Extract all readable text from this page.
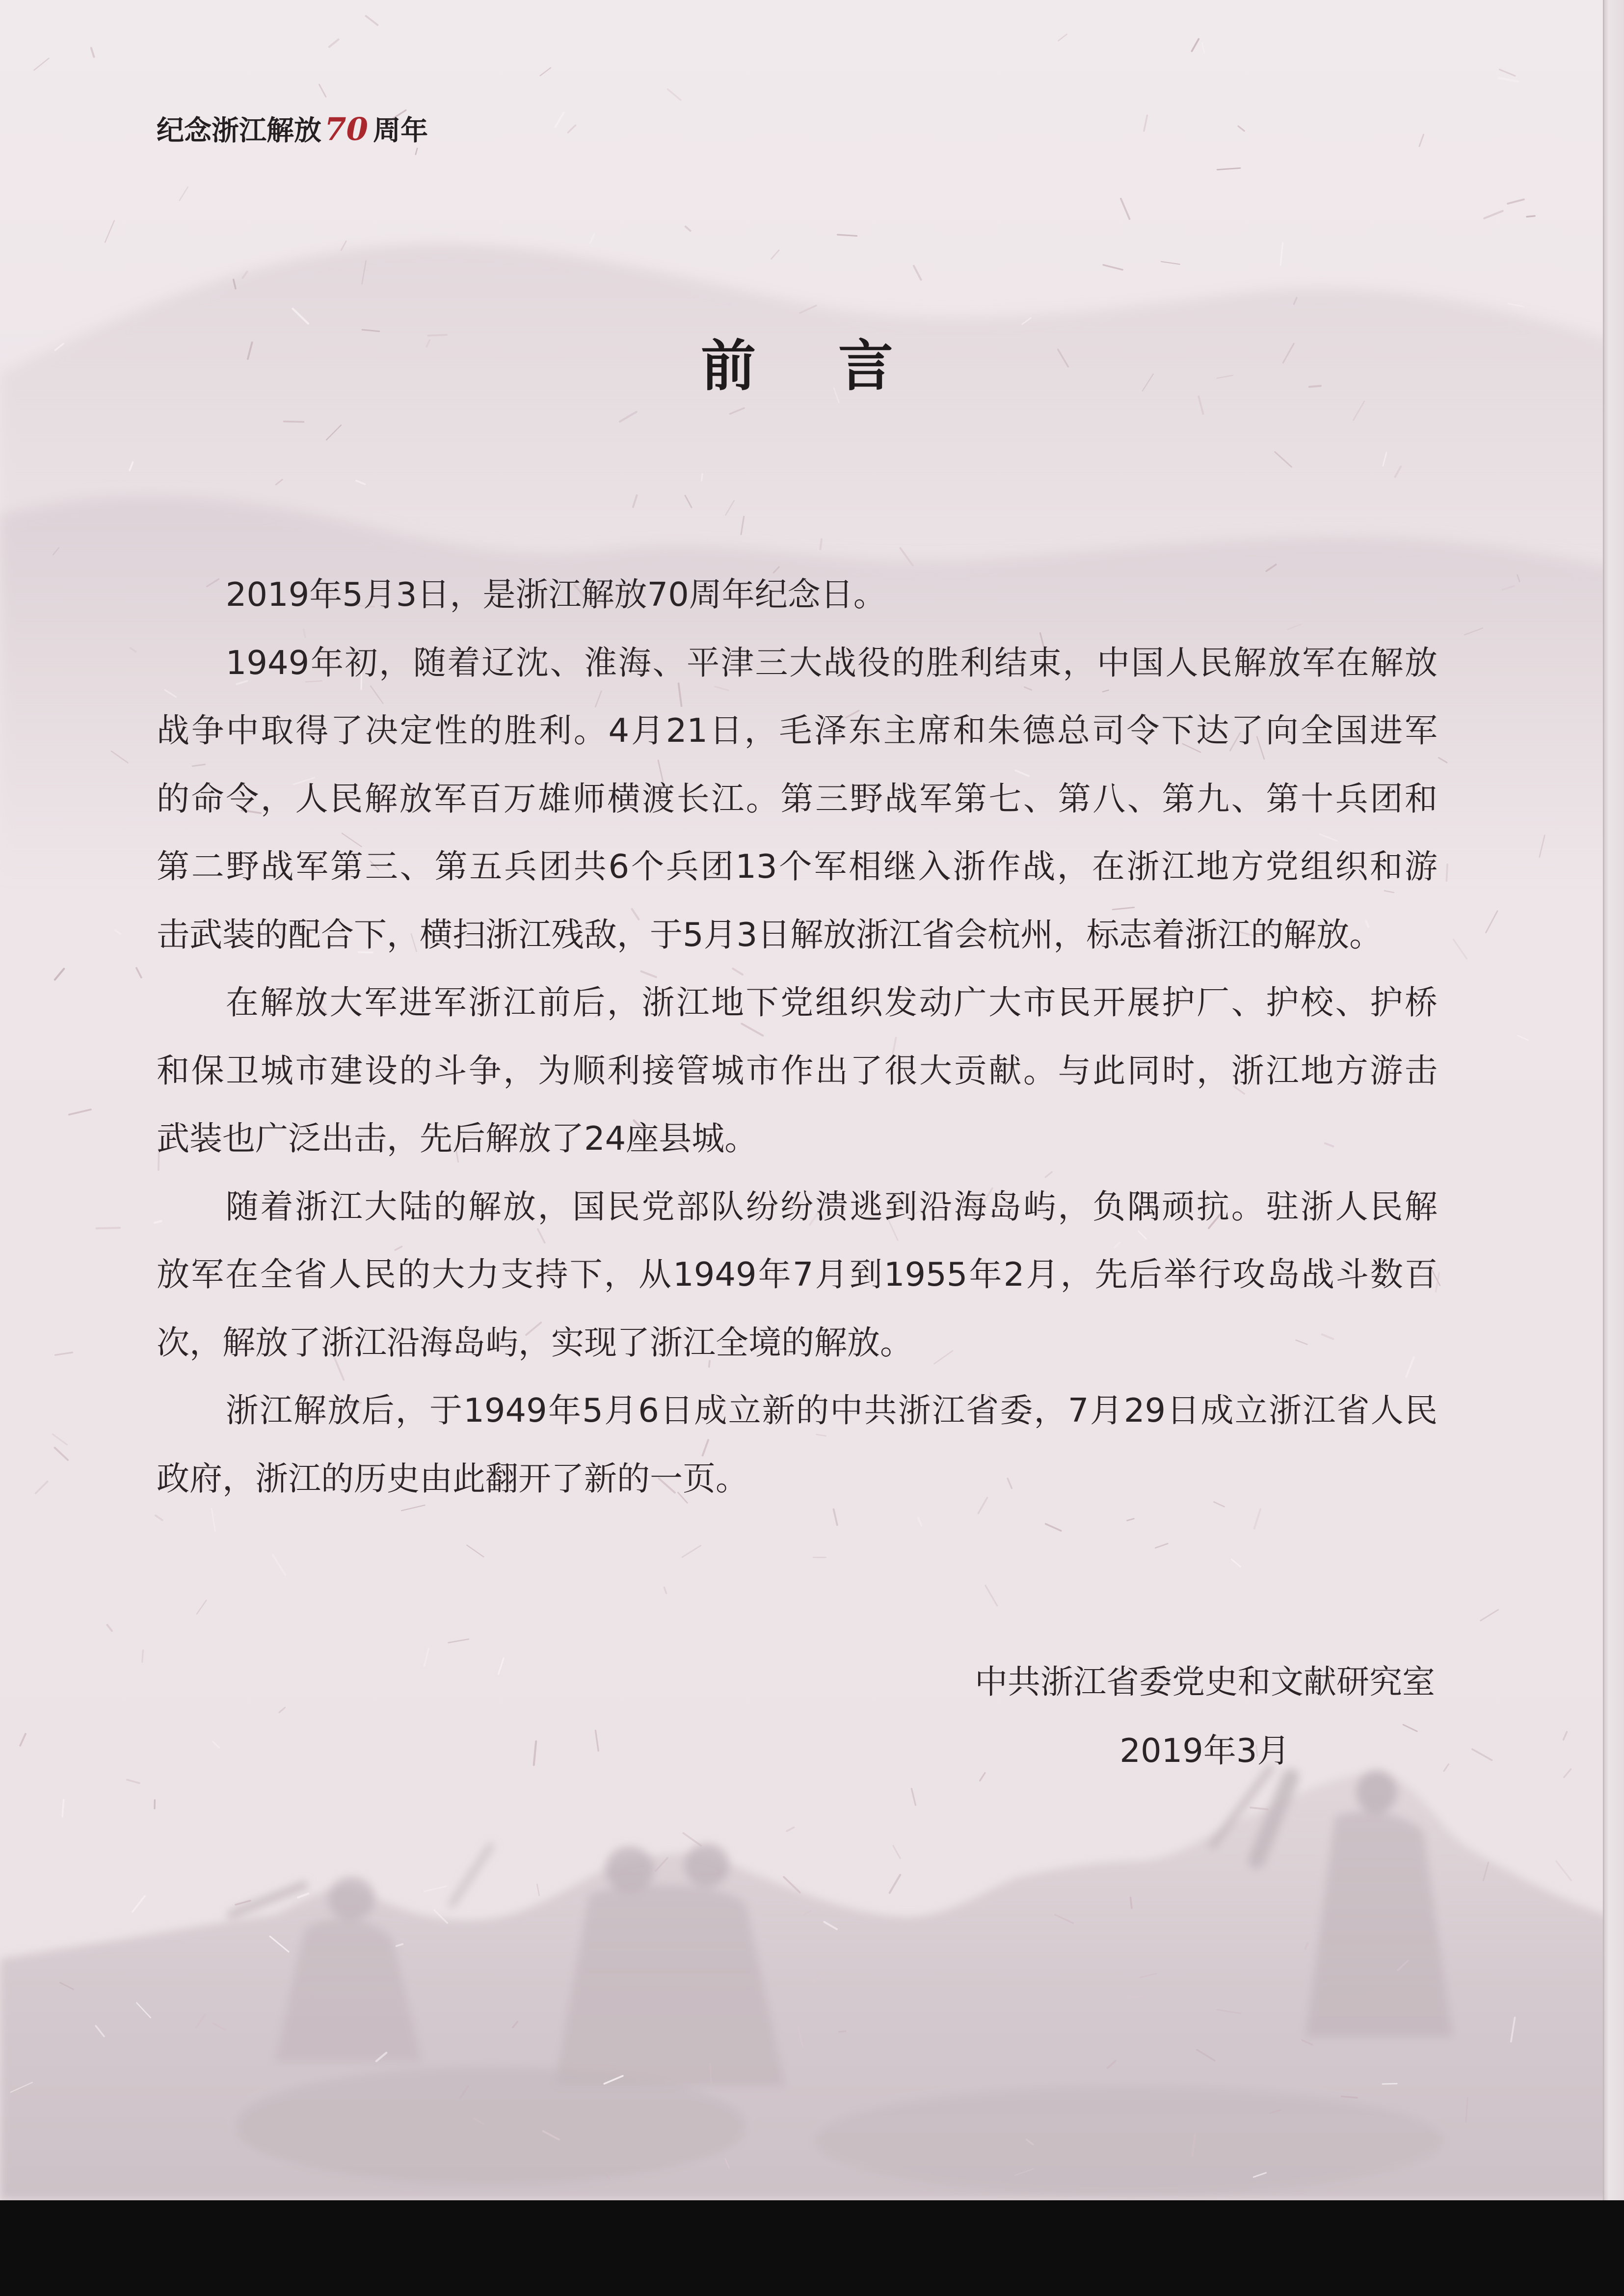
纪念浙江解放70 周年
前 言
2019年5月3日，是浙江解放70周年纪念日。
1949年初，随着辽沈、淮海、平津三大战役的胜利结束，中国人民解放军在解放
战争中取得了决定性的胜利。4月21日，毛泽东主席和朱德总司令下达了向全国进军
的命令，人民解放军百万雄师横渡长江。第三野战军第七、第八、第九、第十兵团和
第二野战军第三、第五兵团共6个兵团13个军相继入浙作战，在浙江地方党组织和游
击武装的配合下，横扫浙江残敌，于5月3日解放浙江省会杭州，标志着浙江的解放。
在解放大军进军浙江前后，浙江地下党组织发动广大市民开展护厂、护校、护桥
和保卫城市建设的斗争，为顺利接管城市作出了很大贡献。与此同时，浙江地方游击
武装也广泛出击，先后解放了24座县城。
随着浙江大陆的解放，国民党部队纷纷溃逃到沿海岛屿，负隅顽抗。驻浙人民解
放军在全省人民的大力支持下，从1949年7月到1955年2月，先后举行攻岛战斗数百
次，解放了浙江沿海岛屿，实现了浙江全境的解放。
浙江解放后，于1949年5月6日成立新的中共浙江省委，7月29日成立浙江省人民
政府，浙江的历史由此翻开了新的一页。
中共浙江省委党史和文献研究室
2019年3月
